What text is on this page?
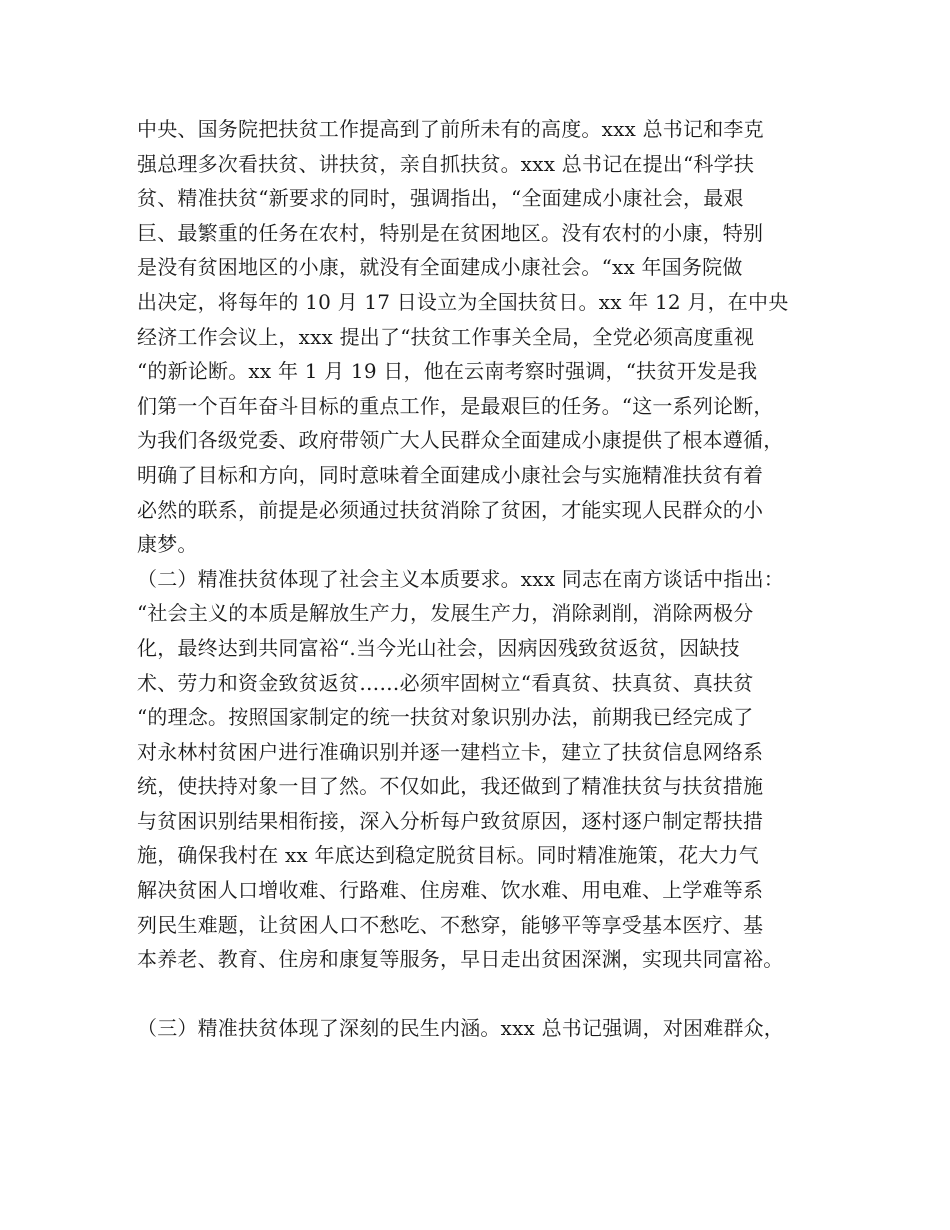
中央、国务院把扶贫工作提高到了前所未有的高度。xxx 总书记和李克
强总理多次看扶贫、讲扶贫，亲自抓扶贫。xxx 总书记在提出“科学扶
贫、精准扶贫“新要求的同时，强调指出，“全面建成小康社会，最艰
巨、最繁重的任务在农村，特别是在贫困地区。没有农村的小康，特别
是没有贫困地区的小康，就没有全面建成小康社会。“xx 年国务院做
出决定，将每年的 10 月 17 日设立为全国扶贫日。xx 年 12 月，在中央
经济工作会议上，xxx 提出了“扶贫工作事关全局，全党必须高度重视
“的新论断。xx 年 1 月 19 日，他在云南考察时强调，“扶贫开发是我
们第一个百年奋斗目标的重点工作，是最艰巨的任务。“这一系列论断，
为我们各级党委、政府带领广大人民群众全面建成小康提供了根本遵循，
明确了目标和方向，同时意味着全面建成小康社会与实施精准扶贫有着
必然的联系，前提是必须通过扶贫消除了贫困，才能实现人民群众的小
康梦。
（二）精准扶贫体现了社会主义本质要求。xxx 同志在南方谈话中指出：
“社会主义的本质是解放生产力，发展生产力，消除剥削，消除两极分
化，最终达到共同富裕“.当今光山社会，因病因残致贫返贫，因缺技
术、劳力和资金致贫返贫……必须牢固树立“看真贫、扶真贫、真扶贫
“的理念。按照国家制定的统一扶贫对象识别办法，前期我已经完成了
对永林村贫困户进行准确识别并逐一建档立卡，建立了扶贫信息网络系
统，使扶持对象一目了然。不仅如此，我还做到了精准扶贫与扶贫措施
与贫困识别结果相衔接，深入分析每户致贫原因，逐村逐户制定帮扶措
施，确保我村在 xx 年底达到稳定脱贫目标。同时精准施策，花大力气
解决贫困人口增收难、行路难、住房难、饮水难、用电难、上学难等系
列民生难题，让贫困人口不愁吃、不愁穿，能够平等享受基本医疗、基
本养老、教育、住房和康复等服务，早日走出贫困深渊，实现共同富裕。
（三）精准扶贫体现了深刻的民生内涵。xxx 总书记强调，对困难群众，
